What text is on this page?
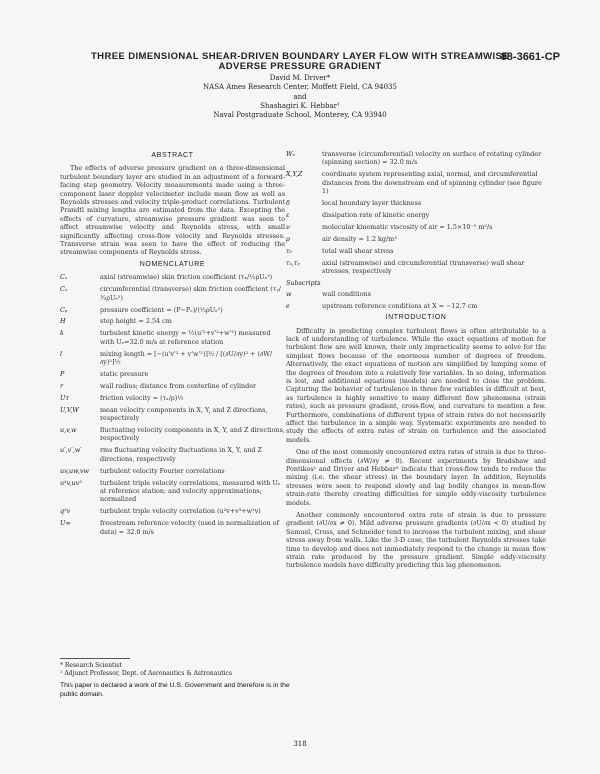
THREE DIMENSIONAL SHEAR-DRIVEN BOUNDARY LAYER FLOW WITH STREAMWISE ADVERSE PRESSURE GRADIENT
88-3661-CP
David M. Driver*
NASA Ames Research Center, Moffett Field, CA 94035
and
Shashagiri K. Hebbar¹
Naval Postgraduate School, Monterey, CA 93940
ABSTRACT

The effects of adverse pressure gradient on a three-dimensional turbulent boundary layer are studied in an adjustment of a forward-facing step geometry. Velocity measurements made using a three-component laser doppler velocimeter include mean flow as well as Reynolds stresses and velocity triple-product correlations. Turbulent Prandtl mixing lengths are estimated from the data. Excepting the effects of curvature, streamwise pressure gradient was seen to affect streamwise velocity and Reynolds stress, with small significantly affecting cross-flow velocity and Reynolds stresses. Transverse strain was seen to have the effect of reducing the streamwise components of Reynolds stress.

NOMENCLATURE
Cₓ	axial (streamwise) skin friction coefficient (τₓ/½ρUₑ²)
Cᵧ	circumferential (transverse) skin friction coefficient (τᵧ/½ρUₑ²)
Cₚ	pressure coefficient = (P−Pₑ)/(½ρUₑ²)
H	step height = 2.54 cm
k	turbulent kinetic energy = ½(u'²+v'²+w'²) measured with Uₑ=32.0 m/s at reference station
l	mixing length = [−(u'v'² + v'w'²)]½ / [(∂U/∂y)² + (∂W/∂y)²]½
P	static pressure
r	wall radius; distance from centerline of cylinder
Uτ	friction velocity = (τₓ/ρ)½
U,V,W	mean velocity components in X, Y, and Z directions, respectively
u,v,w	fluctuating velocity components in X, Y, and Z directions, respectively
u′,v′,w′	rms fluctuating velocity fluctuations in X, Y, and Z directions, respectively
uv,uw,vw	turbulent velocity Fourier correlations
u²v,uv²	turbulent triple velocity correlations, measured with Uₑ at reference station; and velocity approximations; normalized
q²v	turbulent triple velocity correlation (u²v+v³+w²v)
U∞	freestream reference velocity (used in normalization of data) = 32.0 m/s
Wₑ	transverse (circumferential) velocity on surface of rotating cylinder (spinning section) = 32.0 m/s
X,Y,Z	coordinate system representing axial, normal, and circumferential distances from the downstream end of spinning cylinder (see figure 1)
δ	local boundary layer thickness
ε	dissipation rate of kinetic energy
ν	molecular kinematic viscosity of air = 1.5×10⁻⁵ m²/s
ρ	air density = 1.2 kg/m³
τ₀	total wall shear stress
τₓ,τᵧ	axial (streamwise) and circumferential (transverse) wall shear stresses, respectively
Subscripts
w	wall conditions
e	upstream reference conditions at X = −12.7 cm
INTRODUCTION

Difficulty in predicting complex turbulent flows is often attributable to a lack of understanding of turbulence. While the exact equations of motion for turbulent flow are well known, their only impracticality seems to solve for the simplest flows because of the enormous number of degrees of freedom. Alternatively, the exact equations of motion are simplified by lumping some of the degrees of freedom into a relatively few variables. In so doing, information is lost, and additional equations (models) are needed to close the problem. Capturing the behavior of turbulence in three few variables is difficult at best, as turbulence is highly sensitive to many different flow phenomena (strain rates), such as pressure gradient, cross-flow, and curvature to mention a few. Furthermore, combinations of different types of strain rates do not necessarily affect the turbulence in a simple way. Systematic experiments are needed to study the effects of extra rates of strain on turbulence and the associated models.

One of the most commonly encountered extra rates of strain is due to three-dimensional effects (∂W/∂y ≠ 0). Recent experiments by Bradshaw and Pontikos¹ and Driver and Hebbar² indicate that cross-flow tends to reduce the mixing (i.e. the shear stress) in the boundary layer. In addition, Reynolds stresses were seen to respond slowly and lag bodily changes in mean-flow strain-rate thereby creating difficulties for simple eddy-viscosity turbulence models.

Another commonly encountered extra rate of strain is due to pressure gradient (∂U/∂x ≠ 0). Mild adverse pressure gradients (∂U/∂x < 0) studied by Samuel, Cross, and Schneider tend to increase the turbulent mixing, and shear stress away from walls. Like the 3-D case, the turbulent Reynolds stresses take time to develop and does not immediately respond to the change in mean flow strain rate produced by the pressure gradient. Simple eddy-viscosity turbulence models have difficulty predicting this lag phenomenon.

* Research Scientist
¹ Adjunct Professor, Dept. of Aeronautics & Astronautics
This paper is declared a work of the U.S. Government and therefore is in the public domain.
318
